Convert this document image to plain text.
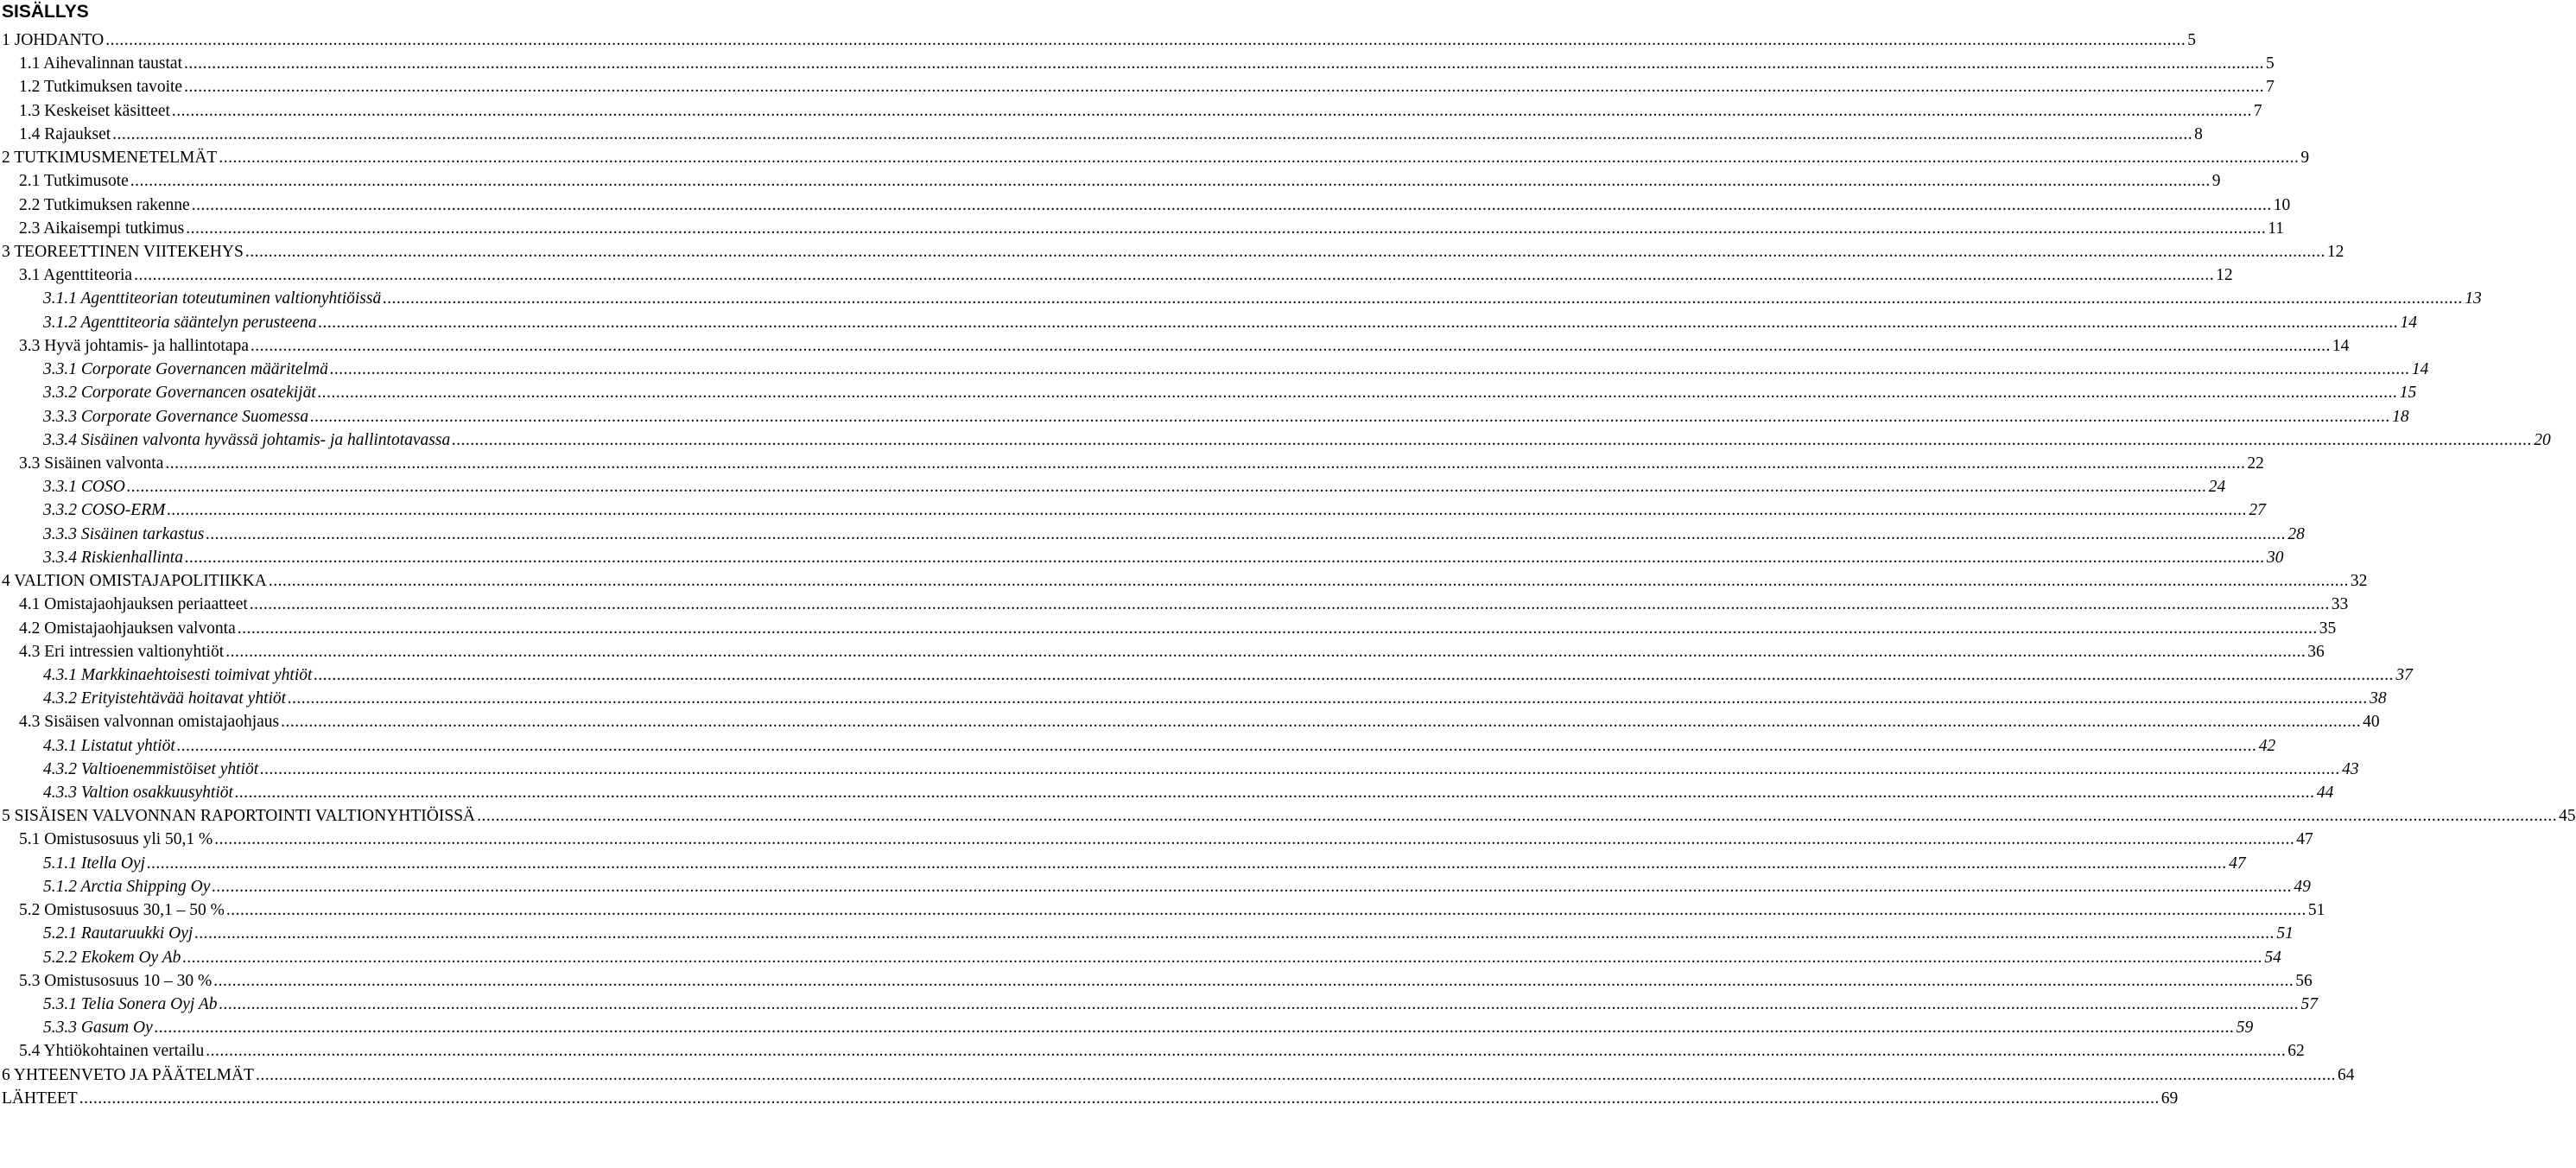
SISÄLLYS
1 JOHDANTO ................................................................................................................................................................................................................................................................................................................................................................................................................................................................ 5
1.1 Aihevalinnan taustat ................................................................................................................................................................................................................................................................................................................................................................................................................................................................ 5
1.2 Tutkimuksen tavoite ................................................................................................................................................................................................................................................................................................................................................................................................................................................................ 7
1.3 Keskeiset käsitteet ................................................................................................................................................................................................................................................................................................................................................................................................................................................................ 7
1.4 Rajaukset ................................................................................................................................................................................................................................................................................................................................................................................................................................................................ 8
2 TUTKIMUSMENETELMÄT ................................................................................................................................................................................................................................................................................................................................................................................................................................................................ 9
2.1 Tutkimusote ................................................................................................................................................................................................................................................................................................................................................................................................................................................................ 9
2.2 Tutkimuksen rakenne ................................................................................................................................................................................................................................................................................................................................................................................................................................................................ 10
2.3 Aikaisempi tutkimus ................................................................................................................................................................................................................................................................................................................................................................................................................................................................ 11
3 TEOREETTINEN VIITEKEHYS ................................................................................................................................................................................................................................................................................................................................................................................................................................................................ 12
3.1 Agenttiteoria ................................................................................................................................................................................................................................................................................................................................................................................................................................................................ 12
3.1.1 Agenttiteorian toteutuminen valtionyhtiöissä ................................................................................................................................................................................................................................................................................................................................................................................................................................................................ 13
3.1.2 Agenttiteoria sääntelyn perusteena ................................................................................................................................................................................................................................................................................................................................................................................................................................................................ 14
3.3 Hyvä johtamis- ja hallintotapa ................................................................................................................................................................................................................................................................................................................................................................................................................................................................ 14
3.3.1 Corporate Governancen määritelmä ................................................................................................................................................................................................................................................................................................................................................................................................................................................................ 14
3.3.2 Corporate Governancen osatekijät ................................................................................................................................................................................................................................................................................................................................................................................................................................................................ 15
3.3.3 Corporate Governance Suomessa ................................................................................................................................................................................................................................................................................................................................................................................................................................................................ 18
3.3.4 Sisäinen valvonta hyvässä johtamis- ja hallintotavassa ................................................................................................................................................................................................................................................................................................................................................................................................................................................................ 20
3.3 Sisäinen valvonta ................................................................................................................................................................................................................................................................................................................................................................................................................................................................ 22
3.3.1 COSO ................................................................................................................................................................................................................................................................................................................................................................................................................................................................ 24
3.3.2 COSO-ERM ................................................................................................................................................................................................................................................................................................................................................................................................................................................................ 27
3.3.3 Sisäinen tarkastus ................................................................................................................................................................................................................................................................................................................................................................................................................................................................ 28
3.3.4 Riskienhallinta ................................................................................................................................................................................................................................................................................................................................................................................................................................................................ 30
4 VALTION OMISTAJAPOLITIIKKA ................................................................................................................................................................................................................................................................................................................................................................................................................................................................ 32
4.1 Omistajaohjauksen periaatteet ................................................................................................................................................................................................................................................................................................................................................................................................................................................................ 33
4.2 Omistajaohjauksen valvonta ................................................................................................................................................................................................................................................................................................................................................................................................................................................................ 35
4.3 Eri intressien valtionyhtiöt ................................................................................................................................................................................................................................................................................................................................................................................................................................................................ 36
4.3.1 Markkinaehtoisesti toimivat yhtiöt ................................................................................................................................................................................................................................................................................................................................................................................................................................................................ 37
4.3.2 Erityistehtävää hoitavat yhtiöt ................................................................................................................................................................................................................................................................................................................................................................................................................................................................ 38
4.3 Sisäisen valvonnan omistajaohjaus ................................................................................................................................................................................................................................................................................................................................................................................................................................................................ 40
4.3.1 Listatut yhtiöt ................................................................................................................................................................................................................................................................................................................................................................................................................................................................ 42
4.3.2 Valtioenemmistöiset yhtiöt ................................................................................................................................................................................................................................................................................................................................................................................................................................................................ 43
4.3.3 Valtion osakkuusyhtiöt ................................................................................................................................................................................................................................................................................................................................................................................................................................................................ 44
5 SISÄISEN VALVONNAN RAPORTOINTI VALTIONYHTIÖISSÄ ................................................................................................................................................................................................................................................................................................................................................................................................................................................................ 45
5.1 Omistusosuus yli 50,1 % ................................................................................................................................................................................................................................................................................................................................................................................................................................................................ 47
5.1.1 Itella Oyj ................................................................................................................................................................................................................................................................................................................................................................................................................................................................ 47
5.1.2 Arctia Shipping Oy ................................................................................................................................................................................................................................................................................................................................................................................................................................................................ 49
5.2 Omistusosuus 30,1 – 50 % ................................................................................................................................................................................................................................................................................................................................................................................................................................................................ 51
5.2.1 Rautaruukki Oyj ................................................................................................................................................................................................................................................................................................................................................................................................................................................................ 51
5.2.2 Ekokem Oy Ab ................................................................................................................................................................................................................................................................................................................................................................................................................................................................ 54
5.3 Omistusosuus 10 – 30 % ................................................................................................................................................................................................................................................................................................................................................................................................................................................................ 56
5.3.1 Telia Sonera Oyj Ab ................................................................................................................................................................................................................................................................................................................................................................................................................................................................ 57
5.3.3 Gasum Oy ................................................................................................................................................................................................................................................................................................................................................................................................................................................................ 59
5.4 Yhtiökohtainen vertailu ................................................................................................................................................................................................................................................................................................................................................................................................................................................................ 62
6 YHTEENVETO JA PÄÄTELMÄT ................................................................................................................................................................................................................................................................................................................................................................................................................................................................ 64
LÄHTEET ................................................................................................................................................................................................................................................................................................................................................................................................................................................................ 69
